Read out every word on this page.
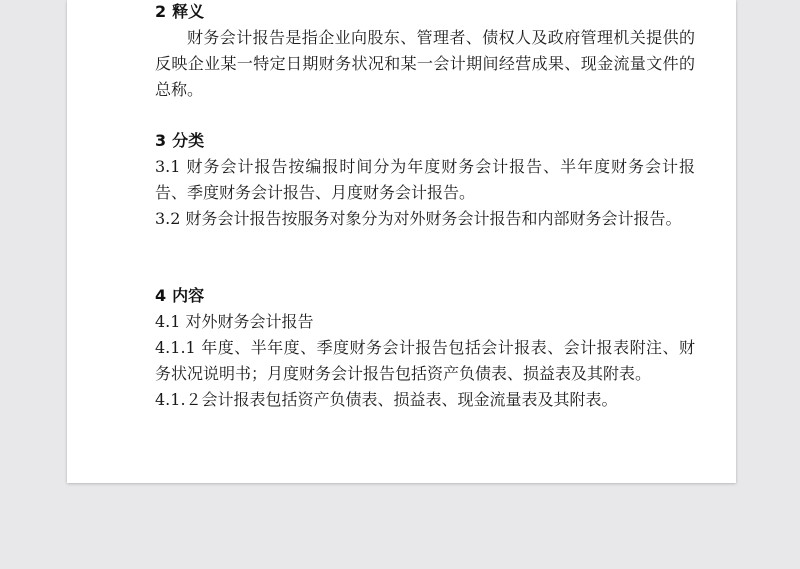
2 释义

财务会计报告是指企业向股东、管理者、债权人及政府管理机关提供的反映企业某一特定日期财务状况和某一会计期间经营成果、现金流量文件的总称。

3 分类

3.1 财务会计报告按编报时间分为年度财务会计报告、半年度财务会计报告、季度财务会计报告、月度财务会计报告。

3.2 财务会计报告按服务对象分为对外财务会计报告和内部财务会计报告。

4 内容

4.1 对外财务会计报告

4.1.1 年度、半年度、季度财务会计报告包括会计报表、会计报表附注、财务状况说明书；月度财务会计报告包括资产负债表、损益表及其附表。

4.1.２会计报表包括资产负债表、损益表、现金流量表及其附表。
